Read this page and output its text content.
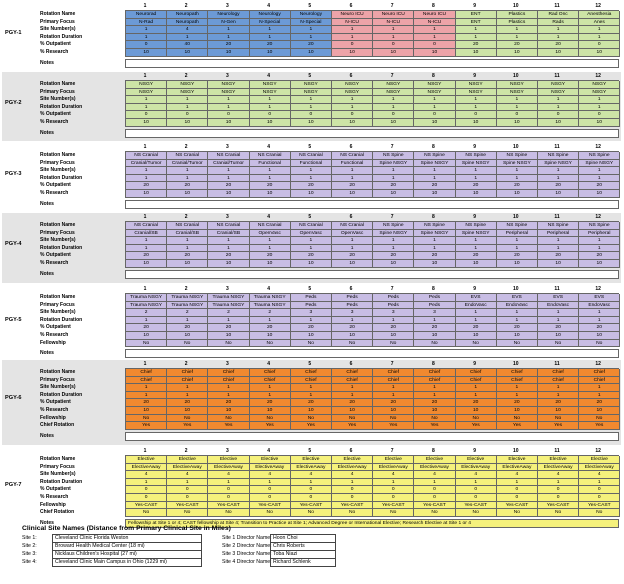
1	2	3	4	5	6	7	8	9	10	11	12
PGY-1
Rotation Name	Neurorad	Neuropath	Neurology	Neurology	Neurology	Neuro ICU	Neuro ICU	Neuro ICU	ENT	Plastics	Rad Onc	Anesthesia
Primary Focus	N-Rad	Neuropath	N-Gen	N-Special	N-Special	N-ICU	N-ICU	N-ICU	ENT	Plastics	Rads	Anes
Site Number(s)	1	4	1	1	1	1	1	1	1	1	1	1
Rotation Duration	1	1	1	1	1	1	1	1	1	1	1	1
% Outpatient	0	40	20	20	20	0	0	0	20	20	20	0
% Research	10	10	10	10	10	10	10	10	10	10	10	10
Notes
1	2	3	4	5	6	7	8	9	10	11	12
PGY-2
Rotation Name	NSGY	NSGY	NSGY	NSGY	NSGY	NSGY	NSGY	NSGY	NSGY	NSGY	NSGY	NSGY
Primary Focus	NSGY	NSGY	NSGY	NSGY	NSGY	NSGY	NSGY	NSGY	NSGY	NSGY	NSGY	NSGY
Site Number(s)	1	1	1	1	1	1	1	1	1	1	1	1
Rotation Duration	1	1	1	1	1	1	1	1	1	1	1	1
% Outpatient	0	0	0	0	0	0	0	0	0	0	0	0
% Research	10	10	10	10	10	10	10	10	10	10	10	10
Notes
1	2	3	4	5	6	7	8	9	10	11	12
PGY-3
Rotation Name	NS Cranial	NS Cranial	NS Cranial	NS Cranial	NS Cranial	NS Cranial	NS Spine	NS Spine	NS Spine	NS Spine	NS Spine	NS Spine
Primary Focus	Cranial/Tumor	Cranial/Tumor	Cranial/Tumor	Functional	Functional	Functional	Spine NSGY	Spine NSGY	Spine NSGY	Spine NSGY	Spine NSGY	Spine NSGY
Site Number(s)	1	1	1	1	1	1	1	1	1	1	1	1
Rotation Duration	1	1	1	1	1	1	1	1	1	1	1	1
% Outpatient	20	20	20	20	20	20	20	20	20	20	20	20
% Research	10	10	10	10	10	10	10	10	10	10	10	10
Notes
1	2	3	4	5	6	7	8	9	10	11	12
PGY-4
Rotation Name	NS Cranial	NS Cranial	NS Cranial	NS Cranial	NS Cranial	NS Cranial	NS Spine	NS Spine	NS Spine	NS Spine	NS Spine	NS Spine
Primary Focus	Cranial/SB	Cranial/SB	Cranial/SB	OpenVasc	OpenVasc	OpenVasc	Spine NSGY	Spine NSGY	Spine NSGY	Peripheral	Peripheral	Peripheral
Site Number(s)	1	1	1	1	1	1	1	1	1	1	1	1
Rotation Duration	1	1	1	1	1	1	1	1	1	1	1	1
% Outpatient	20	20	20	20	20	20	20	20	20	20	20	20
% Research	10	10	10	10	10	10	10	10	10	10	10	10
Notes
1	2	3	4	5	6	7	8	9	10	11	12
PGY-5
Rotation Name	Trauma NSGY	Trauma NSGY	Trauma NSGY	Trauma NSGY	Peds	Peds	Peds	Peds	EVS	EVS	EVS	EVS
Primary Focus	Trauma NSGY	Trauma NSGY	Trauma NSGY	Trauma NSGY	Peds	Peds	Peds	Peds	EndoVasc	EndoVasc	EndoVasc	EndoVasc
Site Number(s)	2	2	2	2	3	3	3	3	1	1	1	1
Rotation Duration	1	1	1	1	1	1	1	1	1	1	1	1
% Outpatient	20	20	20	20	20	20	20	20	20	20	20	20
% Research	10	10	10	10	10	10	10	10	10	10	10	10
Fellowship	No	No	No	No	No	No	No	No	No	No	No	No
Notes
1	2	3	4	5	6	7	8	9	10	11	12
PGY-6
Rotation Name	Chief	Chief	Chief	Chief	Chief	Chief	Chief	Chief	Chief	Chief	Chief	Chief
Primary Focus	Chief	Chief	Chief	Chief	Chief	Chief	Chief	Chief	Chief	Chief	Chief	Chief
Site Number(s)	1	1	1	1	1	1	1	1	1	1	1	1
Rotation Duration	1	1	1	1	1	1	1	1	1	1	1	1
% Outpatient	20	20	20	20	20	20	20	20	20	20	20	20
% Research	10	10	10	10	10	10	10	10	10	10	10	10
Fellowship	No	No	No	No	No	No	No	No	No	No	No	No
Chief Rotation	Yes	Yes	Yes	Yes	Yes	Yes	Yes	Yes	Yes	Yes	Yes	Yes
Notes
1	2	3	4	5	6	7	8	9	10	11	12
PGY-7
Rotation Name	Elective	Elective	Elective	Elective	Elective	Elective	Elective	Elective	Elective	Elective	Elective	Elective
Primary Focus	ElectiveAway	ElectiveAway	ElectiveAway	ElectiveAway	ElectiveAway	ElectiveAway	ElectiveAway	ElectiveAway	ElectiveAway	ElectiveAway	ElectiveAway	ElectiveAway
Site Number(s)	4	4	4	4	4	4	4	4	4	4	4	4
Rotation Duration	1	1	1	1	1	1	1	1	1	1	1	1
% Outpatient	0	0	0	0	0	0	0	0	0	0	0	0
% Research	0	0	0	0	0	0	0	0	0	0	0	0
Fellowship	Yes-CAST	Yes-CAST	Yes-CAST	Yes-CAST	Yes-CAST	Yes-CAST	Yes-CAST	Yes-CAST	Yes-CAST	Yes-CAST	Yes-CAST	Yes-CAST
Chief Rotation	No	No	No	No	No	No	No	No	No	No	No	No
Notes	Fellowship at Site 1 or 4; CAST fellowship at Site 4; Transition to Practice at Site 1; Advanced Degree or International Elective; Research Elective at Site 1 or 4
Clinical Site Names (Distance from Primary Clinical Site in Miles)
Site 1:	Cleveland Clinic Florida Weston	Site 1 Director Name: Hoon Choi
Site 2:	Broward Health Medical Center (18 mi)	Site 2 Director Name: Chris Roberts
Site 3:	Nicklaus Children's Hospital (27 mi)	Site 3 Director Name: Toba Niazi
Site 4:	Cleveland Clinic Main Campus in Ohio (1229 mi)	Site 4 Director Name: Richard Schlenk
